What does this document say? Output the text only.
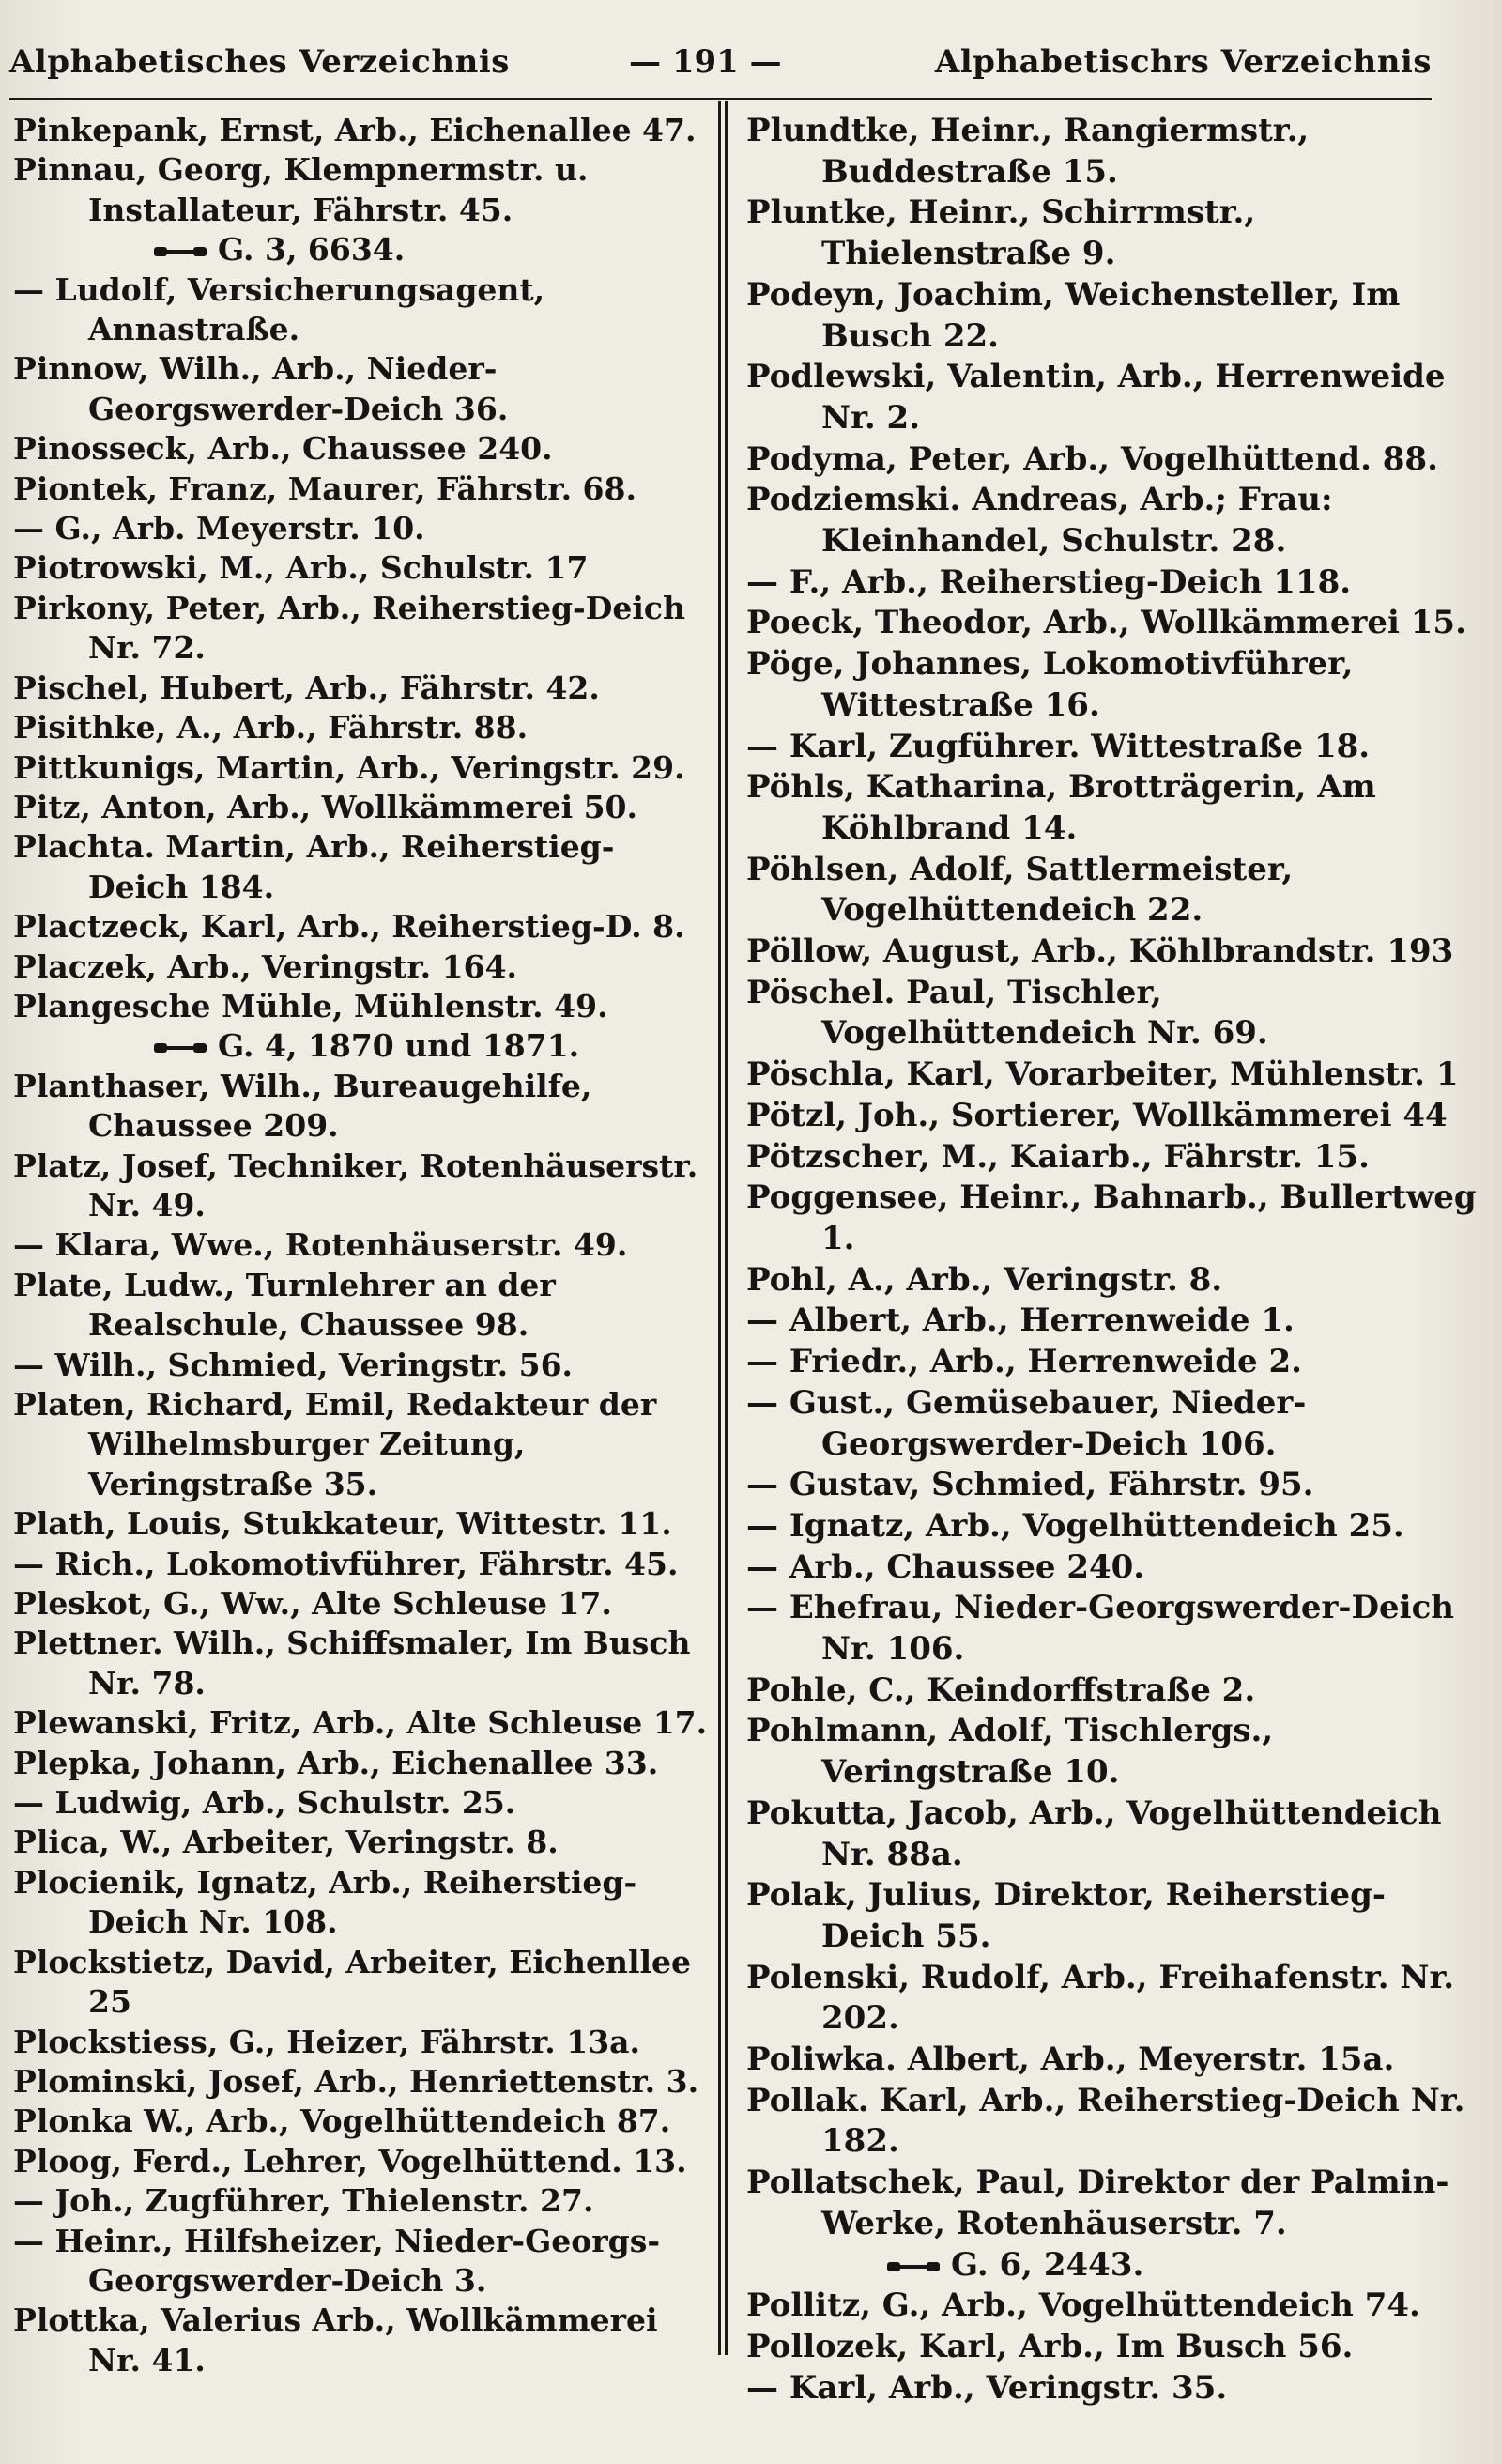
Alphabetisches Verzeichnis	— 191 —	Alphabetischrs Verzeichnis
Pinkepank, Ernst, Arb., Eichenallee 47.
Pinnau, Georg, Klempnermstr. u. Installateur, Fährstr. 45.
G. 3, 6634.
— Ludolf, Versicherungsagent, Annastraße.
Pinnow, Wilh., Arb., Nieder-Georgswerder-Deich 36.
Pinosseck, Arb., Chaussee 240.
Piontek, Franz, Maurer, Fährstr. 68.
— G., Arb. Meyerstr. 10.
Piotrowski, M., Arb., Schulstr. 17
Pirkony, Peter, Arb., Reiherstieg-Deich Nr. 72.
Pischel, Hubert, Arb., Fährstr. 42.
Pisithke, A., Arb., Fährstr. 88.
Pittkunigs, Martin, Arb., Veringstr. 29.
Pitz, Anton, Arb., Wollkämmerei 50.
Plachta. Martin, Arb., Reiherstieg-Deich 184.
Plactzeck, Karl, Arb., Reiherstieg-D. 8.
Placzek, Arb., Veringstr. 164.
Plangesche Mühle, Mühlenstr. 49.
G. 4, 1870 und 1871.
Planthaser, Wilh., Bureaugehilfe, Chaussee 209.
Platz, Josef, Techniker, Rotenhäuserstr. Nr. 49.
— Klara, Wwe., Rotenhäuserstr. 49.
Plate, Ludw., Turnlehrer an der Realschule, Chaussee 98.
— Wilh., Schmied, Veringstr. 56.
Platen, Richard, Emil, Redakteur der Wilhelmsburger Zeitung, Veringstraße 35.
Plath, Louis, Stukkateur, Wittestr. 11.
— Rich., Lokomotivführer, Fährstr. 45.
Pleskot, G., Ww., Alte Schleuse 17.
Plettner. Wilh., Schiffsmaler, Im Busch Nr. 78.
Plewanski, Fritz, Arb., Alte Schleuse 17.
Plepka, Johann, Arb., Eichenallee 33.
— Ludwig, Arb., Schulstr. 25.
Plica, W., Arbeiter, Veringstr. 8.
Plocienik, Ignatz, Arb., Reiherstieg-Deich Nr. 108.
Plockstietz, David, Arbeiter, Eichenllee 25
Plockstiess, G., Heizer, Fährstr. 13a.
Plominski, Josef, Arb., Henriettenstr. 3.
Plonka W., Arb., Vogelhüttendeich 87.
Ploog, Ferd., Lehrer, Vogelhüttend. 13.
— Joh., Zugführer, Thielenstr. 27.
— Heinr., Hilfsheizer, Nieder-Georgs-Georgswerder-Deich 3.
Plottka, Valerius Arb., Wollkämmerei Nr. 41.
Plundtke, Heinr., Rangiermstr., Buddestraße 15.
Pluntke, Heinr., Schirrmstr., Thielenstraße 9.
Podeyn, Joachim, Weichensteller, Im Busch 22.
Podlewski, Valentin, Arb., Herrenweide Nr. 2.
Podyma, Peter, Arb., Vogelhüttend. 88.
Podziemski. Andreas, Arb.; Frau: Kleinhandel, Schulstr. 28.
— F., Arb., Reiherstieg-Deich 118.
Poeck, Theodor, Arb., Wollkämmerei 15.
Pöge, Johannes, Lokomotivführer, Wittestraße 16.
— Karl, Zugführer. Wittestraße 18.
Pöhls, Katharina, Brotträgerin, Am Köhlbrand 14.
Pöhlsen, Adolf, Sattlermeister, Vogelhüttendeich 22.
Pöllow, August, Arb., Köhlbrandstr. 193
Pöschel. Paul, Tischler, Vogelhüttendeich Nr. 69.
Pöschla, Karl, Vorarbeiter, Mühlenstr. 1
Pötzl, Joh., Sortierer, Wollkämmerei 44
Pötzscher, M., Kaiarb., Fährstr. 15.
Poggensee, Heinr., Bahnarb., Bullertweg 1.
Pohl, A., Arb., Veringstr. 8.
— Albert, Arb., Herrenweide 1.
— Friedr., Arb., Herrenweide 2.
— Gust., Gemüsebauer, Nieder-Georgswerder-Deich 106.
— Gustav, Schmied, Fährstr. 95.
— Ignatz, Arb., Vogelhüttendeich 25.
— Arb., Chaussee 240.
— Ehefrau, Nieder-Georgswerder-Deich Nr. 106.
Pohle, C., Keindorffstraße 2.
Pohlmann, Adolf, Tischlergs., Veringstraße 10.
Pokutta, Jacob, Arb., Vogelhüttendeich Nr. 88a.
Polak, Julius, Direktor, Reiherstieg-Deich 55.
Polenski, Rudolf, Arb., Freihafenstr. Nr. 202.
Poliwka. Albert, Arb., Meyerstr. 15a.
Pollak. Karl, Arb., Reiherstieg-Deich Nr. 182.
Pollatschek, Paul, Direktor der Palmin-Werke, Rotenhäuserstr. 7.
G. 6, 2443.
Pollitz, G., Arb., Vogelhüttendeich 74.
Pollozek, Karl, Arb., Im Busch 56.
— Karl, Arb., Veringstr. 35.
